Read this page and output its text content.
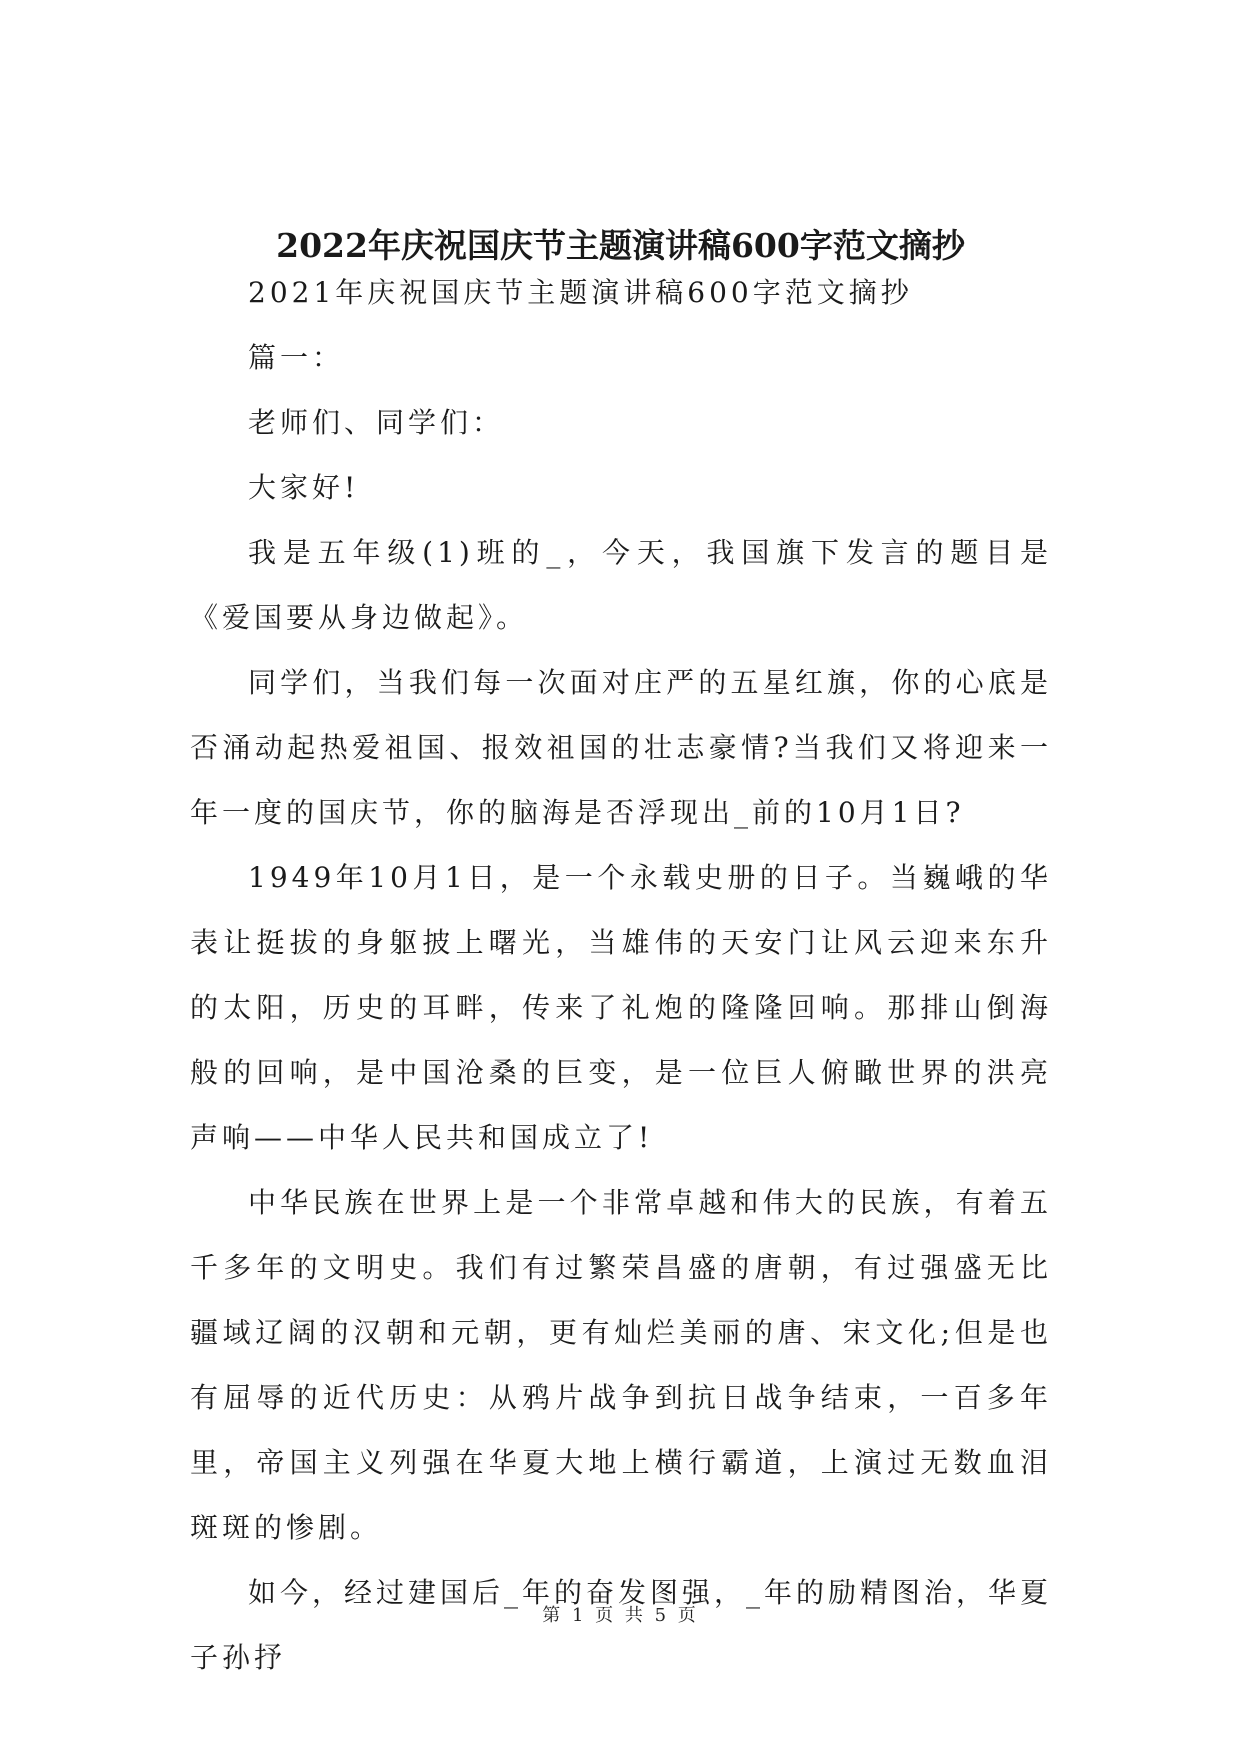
2022年庆祝国庆节主题演讲稿600字范文摘抄

2021年庆祝国庆节主题演讲稿600字范文摘抄

篇一：

老师们、同学们：

大家好!

我是五年级(1)班的_，今天，我国旗下发言的题目是《爱国要从身边做起》。

同学们，当我们每一次面对庄严的五星红旗，你的心底是否涌动起热爱祖国、报效祖国的壮志豪情?当我们又将迎来一年一度的国庆节，你的脑海是否浮现出_前的10月1日?

1949年10月1日，是一个永载史册的日子。当巍峨的华表让挺拔的身躯披上曙光，当雄伟的天安门让风云迎来东升的太阳，历史的耳畔，传来了礼炮的隆隆回响。那排山倒海般的回响，是中国沧桑的巨变，是一位巨人俯瞰世界的洪亮声响——中华人民共和国成立了!

中华民族在世界上是一个非常卓越和伟大的民族，有着五千多年的文明史。我们有过繁荣昌盛的唐朝，有过强盛无比疆域辽阔的汉朝和元朝，更有灿烂美丽的唐、宋文化;但是也有屈辱的近代历史：从鸦片战争到抗日战争结束，一百多年里，帝国主义列强在华夏大地上横行霸道，上演过无数血泪斑斑的惨剧。

如今，经过建国后_年的奋发图强，_年的励精图治，华夏子孙抒

第 1 页 共 5 页
